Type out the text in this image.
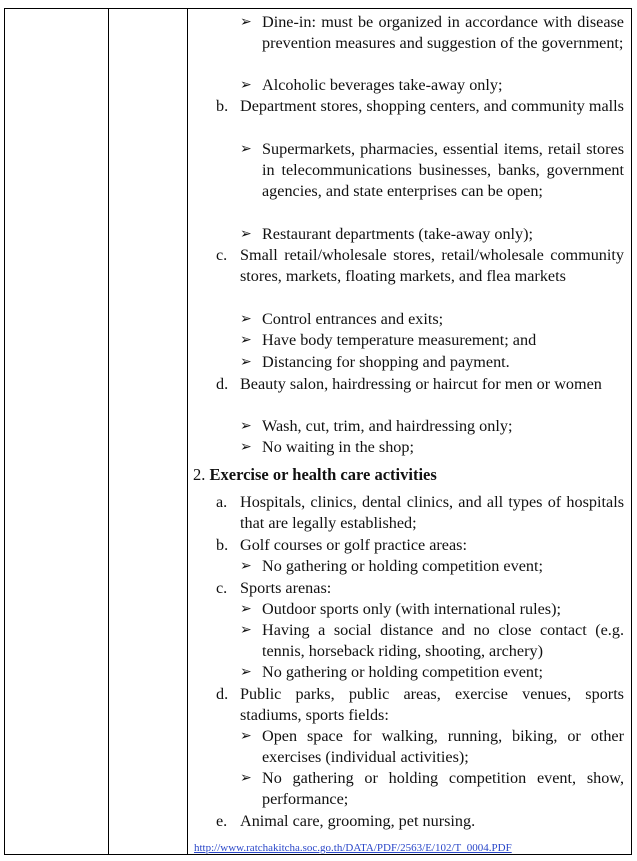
➢ Dine-in: must be organized in accordance with disease prevention measures and suggestion of the government;
➢ Alcoholic beverages take-away only;
b. Department stores, shopping centers, and community malls
➢ Supermarkets, pharmacies, essential items, retail stores in telecommunications businesses, banks, government agencies, and state enterprises can be open;
➢ Restaurant departments (take-away only);
c. Small retail/wholesale stores, retail/wholesale community stores, markets, floating markets, and flea markets
➢ Control entrances and exits;
➢ Have body temperature measurement; and
➢ Distancing for shopping and payment.
d. Beauty salon, hairdressing or haircut for men or women
➢ Wash, cut, trim, and hairdressing only;
➢ No waiting in the shop;
2. Exercise or health care activities
a. Hospitals, clinics, dental clinics, and all types of hospitals that are legally established;
b. Golf courses or golf practice areas:
➢ No gathering or holding competition event;
c. Sports arenas:
➢ Outdoor sports only (with international rules);
➢ Having a social distance and no close contact (e.g. tennis, horseback riding, shooting, archery)
➢ No gathering or holding competition event;
d. Public parks, public areas, exercise venues, sports stadiums, sports fields:
➢ Open space for walking, running, biking, or other exercises (individual activities);
➢ No gathering or holding competition event, show, performance;
e. Animal care, grooming, pet nursing.
http://www.ratchakitcha.soc.go.th/DATA/PDF/2563/E/102/T_0004.PDF
